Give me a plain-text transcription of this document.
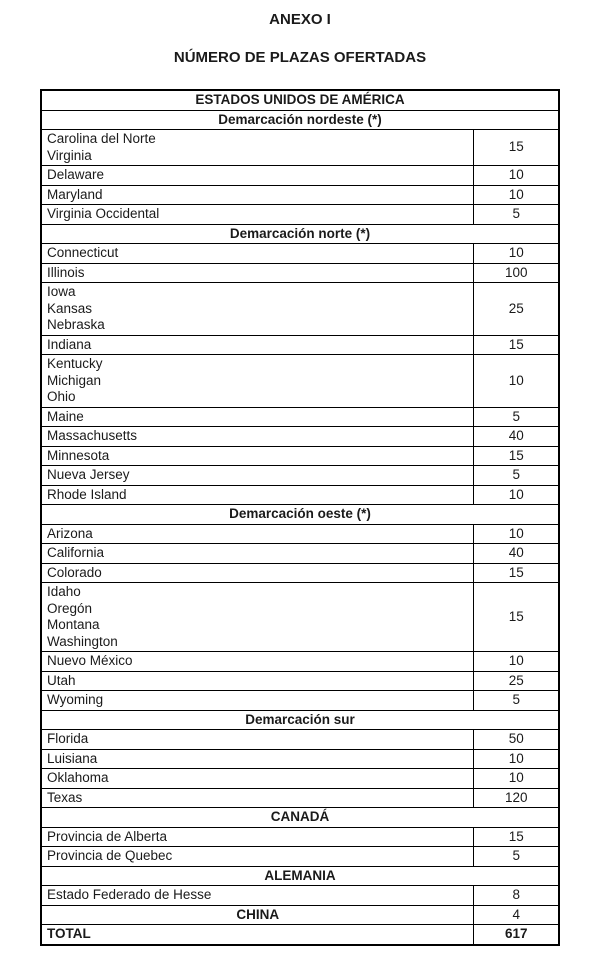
ANEXO I
NÚMERO DE PLAZAS OFERTADAS
ESTADOS UNIDOS DE AMÉRICA	
Demarcación nordeste (*)	

Carolina del Norte
Virginia	15

Delaware	10

Maryland	10

Virginia Occidental	5
Demarcación norte (*)	

Connecticut	10

Illinois	100

Iowa
Kansas
Nebraska	25

Indiana	15

Kentucky
Michigan
Ohio	10

Maine	5

Massachusetts	40

Minnesota	15

Nueva Jersey	5

Rhode Island	10
Demarcación oeste (*)	

Arizona	10

California	40

Colorado	15

Idaho
Oregón
Montana
Washington	15

Nuevo México	10

Utah	25

Wyoming	5
Demarcación sur	

Florida	50

Luisiana	10

Oklahoma	10

Texas	120
CANADÁ	

Provincia de Alberta	15

Provincia de Quebec	5
ALEMANIA	

Estado Federado de Hesse	8

CHINA	4

TOTAL	617
